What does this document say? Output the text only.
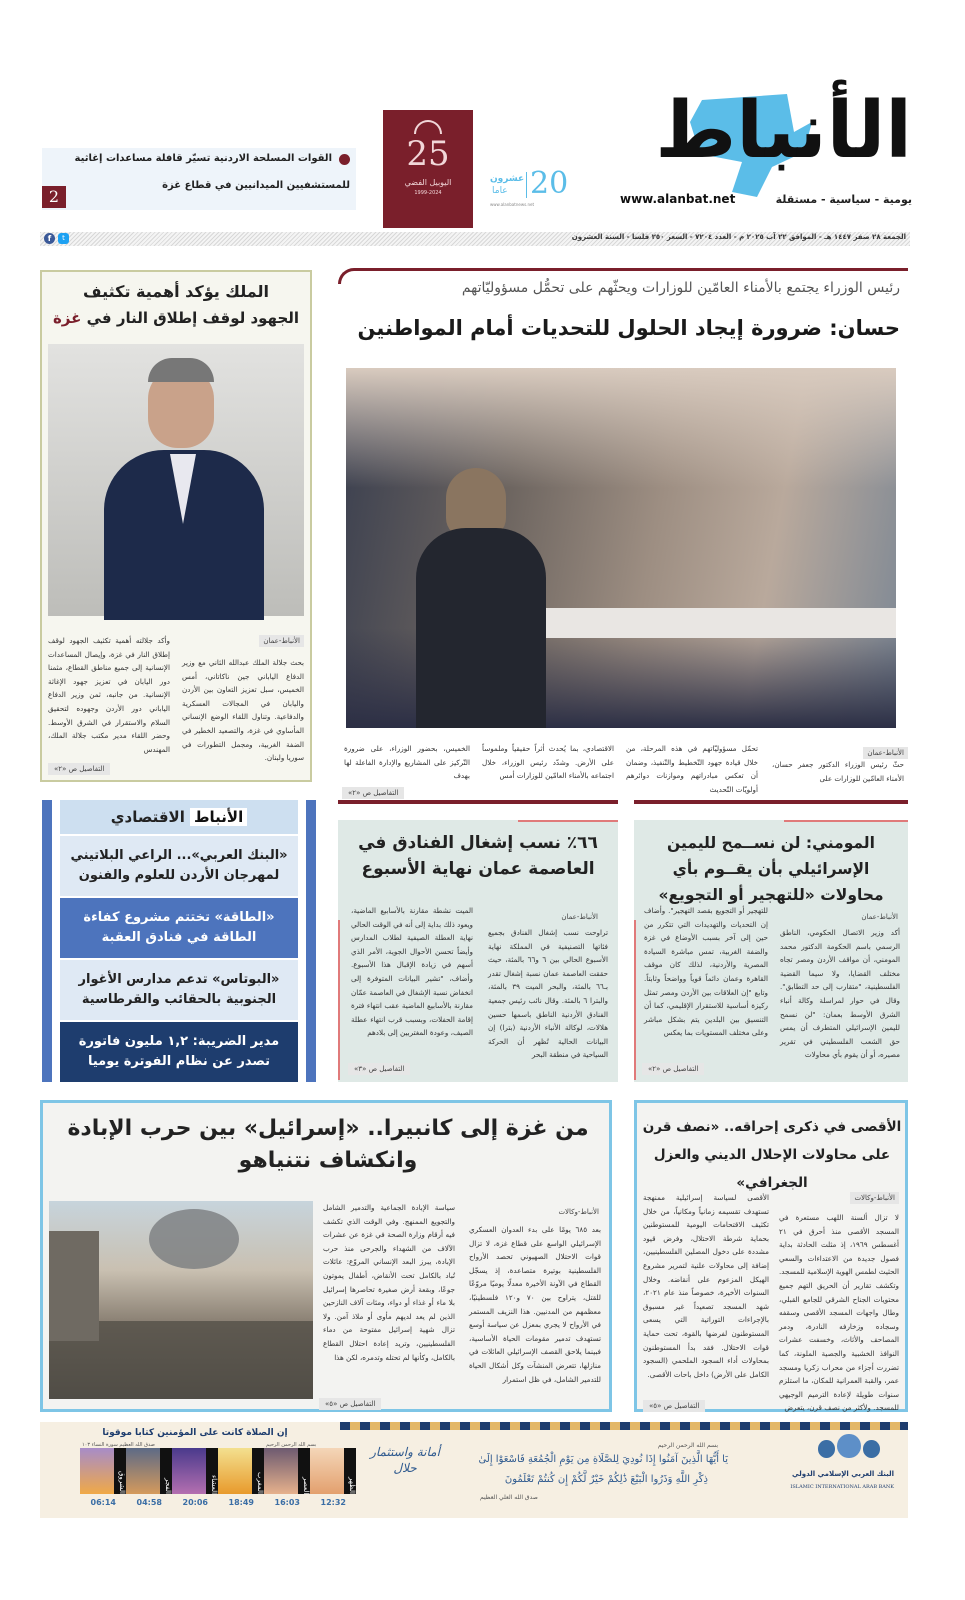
الأنباط
يومية - سياسية - مستقلة
www.alanbat.net
عشرون
عاما 20
www.alanbatnews.net
25
اليوبيل الفضي
1999-2024
القوات المسلحة الاردنية تسيّر قافلة مساعدات إغاثية
للمستشفيين الميدانيين في قطاع غزة
2
الجمعة ٢٨ صفر ١٤٤٧ هـ - الموافق ٢٢ آب ٢٠٢٥ م - العدد ٧٢٠٤ - السعر ٢٥٠ فلسا - السنة العشرون
f	t
رئيس الوزراء يجتمع بالأمناء العامّين للوزارات ويحثّهم على تحمُّل مسؤوليّاتهم
حسان: ضرورة إيجاد الحلول للتحديات أمام المواطنين
الأنباط-عمان
حثّ رئيس الوزراء الدكتور جعفر حسان، الأمناء العامّين للوزارات على
تحمّل مسؤوليّاتهم في هذه المرحلة، من خلال قيادة جهود التّخطيط والتّنفيذ، وضمان أن تعكس مبادراتهم وموازنات دوائرهم أولويّات التّحديث
الاقتصادي، بما يُحدث أثراً حقيقياً وملموساً على الأرض. وشدّد رئيس الوزراء، خلال اجتماعه بالأمناء العامّين للوزارات أمس
الخميس، بحضور الوزراء، على ضرورة التّركيز على المشاريع والإدارة الفاعلة لها بهدف
التفاصيل ص «٢»
الملك يؤكد أهمية تكثيف
الجهود لوقف إطلاق النار في غزة
الأنباط-عمان
بحث جلالة الملك عبدالله الثاني مع وزير الدفاع الياباني جين ناكاتاني، أمس الخميس، سبل تعزيز التعاون بين الأردن واليابان في المجالات العسكرية والدفاعية. وتناول اللقاء الوضع الإنساني المأساوي في غزة، والتصعيد الخطير في الضفة الغربية، ومجمل التطورات في سوريا ولبنان.
وأكد جلالته أهمية تكثيف الجهود لوقف إطلاق النار في غزة، وإيصال المساعدات الإنسانية إلى جميع مناطق القطاع، مثمنا دور اليابان في تعزيز جهود الإغاثة الإنسانية. من جانبه، ثمن وزير الدفاع الياباني دور الأردن وجهوده لتحقيق السلام والاستقرار في الشرق الأوسط. وحضر اللقاء مدير مكتب جلالة الملك، المهندس
التفاصيل ص «٢»
الأنباط الاقتصادي
«البنك العربي»... الراعي البلاتيني لمهرجان الأردن للعلوم والفنون
«الطاقة» تختتم مشروع كفاءة الطاقة في فنادق العقبة
«البوتاس» تدعم مدارس الأغوار الجنوبية بالحقائب والقرطاسية
مدير الضريبة: ١,٢ مليون فاتورة تصدر عن نظام الفوترة يوميا
٦٦٪ نسب إشغال الفنادق في العاصمة عمان نهاية الأسبوع
الأنباط-عمان
تراوحت نسب إشغال الفنادق بجميع فئاتها التصنيفية في المملكة نهاية الأسبوع الحالي بين ٦ و٦٦ بالمئة، حيث حققت العاصمة عمان نسبة إشغال تقدر بـ٦٦ بالمئة، والبحر الميت ٣٩ بالمئة، والبترا ٦ بالمئة. وقال نائب رئيس جمعية الفنادق الأردنية الناطق باسمها حسين هلالات، لوكالة الأنباء الأردنية (بترا) إن البيانات الحالية تُظهر أن الحركة السياحية في منطقة البحر
الميت نشطة مقارنة بالأسابيع الماضية، ويعود ذلك بداية إلى أنه في الوقت الحالي نهاية العطلة الصيفية لطلاب المدارس وأيضاً تحسن الأحوال الجوية، الأمر الذي أسهم في زيادة الإقبال هذا الأسبوع. وأضاف، "تشير البيانات المتوفرة إلى انخفاض نسبة الإشغال في العاصمة عمّان مقارنة بالأسابيع الماضية عقب انتهاء فترة إقامة الحفلات، وبسبب قرب انتهاء عطلة الصيف، وعودة المغتربين إلى بلادهم
التفاصيل ص «٣»
المومني: لن نســمح لليمين الإسرائيلي بأن يقــوم بأي محاولات «للتهجير أو التجويع»
الأنباط-عمان
أكد وزير الاتصال الحكومي، الناطق الرسمي باسم الحكومة الدكتور محمد المومني، أن مواقف الأردن ومصر تجاه مختلف القضايا، ولا سيما القضية الفلسطينية، "متقارب إلى حد التطابق". وقال في حوار لمراسلة وكالة أنباء الشرق الأوسط بعمان: "لن نسمح لليمين الإسرائيلي المتطرف أن يمس حق الشعب الفلسطيني في تقرير مصيره، أو أن يقوم بأي محاولات
للتهجير أو التجويع بقصد التهجير". وأضاف إن التحديات والتهديدات التي تتكرر من حين إلى آخر بسبب الأوضاع في غزة والضفة الغربية، تمس مباشرة السيادة المصرية والأردنية، لذلك كان موقف القاهرة وعمان دائماً قوياً وواضحاً وثابتاً. وتابع "إن العلاقات بين الأردن ومصر تمثل ركيزة أساسية للاستقرار الإقليمي، كما أن التنسيق بين البلدين يتم بشكل مباشر وعلى مختلف المستويات بما يعكس
التفاصيل ص «٢»
من غزة إلى كانبيرا.. «إسرائيل» بين حرب الإبادة وانكشاف نتنياهو
الأنباط-وكالات
بعد ٦٨٥ يومًا على بدء العدوان العسكري الإسرائيلي الواسع على قطاع غزة، لا تزال قوات الاحتلال الصهيوني تحصد الأرواح الفلسطينية بوتيرة متصاعدة، إذ يسجّل القطاع في الآونة الأخيرة معدلًا يوميًا مروّعًا للقتل، يتراوح بين ٧٠ و١٢٠ فلسطينيًا، معظمهم من المدنيين. هذا النزيف المستمر في الأرواح لا يجري بمعزل عن سياسة أوسع تستهدف تدمير مقومات الحياة الأساسية، فبينما يلاحق القصف الإسرائيلي العائلات في منازلها، تتعرض المنشآت وكل أشكال الحياة للتدمير الشامل، في ظل استمرار
سياسة الإبادة الجماعية والتدمير الشامل والتجويع الممنهج. وفي الوقت الذي تكشف فيه أرقام وزارة الصحة في غزة عن عشرات الآلاف من الشهداء والجرحى منذ حرب الإبادة، يبرز البعد الإنساني المروّع: عائلات تُباد بالكامل تحت الأنقاض، أطفال يموتون جوعًا، وبقعة أرض صغيرة تحاصرها إسرائيل بلا ماء أو غذاء أو دواء، ومئات آلاف النازحين الذين لم يعد لديهم مأوى أو ملاذ آمن. ولا تزال شهية إسرائيل مفتوحة من دماء الفلسطينيين، وتريد إعادة احتلال القطاع بالكامل، وكأنها لم تحتله وتدمره، لكن هذا
التفاصيل ص «٥»
الأقصى في ذكرى إحراقه.. «نصف قرن على محاولات الإحلال الديني والعزل الجغرافي»
الأنباط-وكالات
لا تزال ألسنة اللهب مستعرة في المسجد الأقصى منذ أحرق في ٢١ أغسطس ١٩٦٩، إذ مثلت الحادثة بداية فصول جديدة من الاعتداءات والسعي الحثيث لطمس الهوية الإسلامية للمسجد. وتكشف تقارير أن الحريق التهم جميع محتويات الجناح الشرقي للجامع القبلي، وطال واجهات المسجد الأقصى وسقفه وسجاده وزخارفه النادرة، ودمر المصاحف والأثاث، وخسفت عشرات النوافذ الخشبية والجصية الملونة، كما تضررت أجزاء من محراب زكريا ومسجد عمر، والقبة العمرانية للمكان، ما استلزم سنوات طويلة لإعادة الترميم الوجيهي للمسجد. ولأكثر من نصف قرن، يتعرض
الأقصى لسياسة إسرائيلية ممنهجة تستهدف تقسيمه زمانياً ومكانياً، من خلال تكثيف الاقتحامات اليومية للمستوطنين بحماية شرطة الاحتلال، وفرض قيود مشددة على دخول المصلين الفلسطينيين، إضافة إلى محاولات علنية لتمرير مشروع الهيكل المزعوم على أنقاضه. وخلال السنوات الأخيرة، خصوصاً منذ عام ٢٠٢١، شهد المسجد تصعيداً غير مسبوق بالإجراءات التوراتية التي يسعى المستوطنون لفرضها بالقوة، تحت حماية قوات الاحتلال. فقد بدأ المستوطنون بمحاولات أداء السجود الملحمي (السجود الكامل على الأرض) داخل باحات الأقصى.
التفاصيل ص «٥»
إن الصلاة كانت على المؤمنين كتابا موقوتا
بسم الله الرحمن الرحيم
صدق الله العظيم سورة النساء ١٠٣
الظهر
12:32
العصر
16:03
المغرب
18:49
العشاء
20:06
الفجر
04:58
الشروق
06:14
أمانة واستثمار حلال
بسم الله الرحمن الرحيم
يَا أَيُّهَا الَّذِينَ آمَنُوا إِذَا نُودِيَ لِلصَّلَاةِ مِن يَوْمِ الْجُمُعَةِ فَاسْعَوْا إِلَىٰ
ذِكْرِ اللَّهِ وَذَرُوا الْبَيْعَ ذَٰلِكُمْ خَيْرٌ لَّكُمْ إِن كُنتُمْ تَعْلَمُونَ
صدق الله العلي العظيم
البنك العربي الإسلامي الدولي
ISLAMIC INTERNATIONAL ARAB BANK
